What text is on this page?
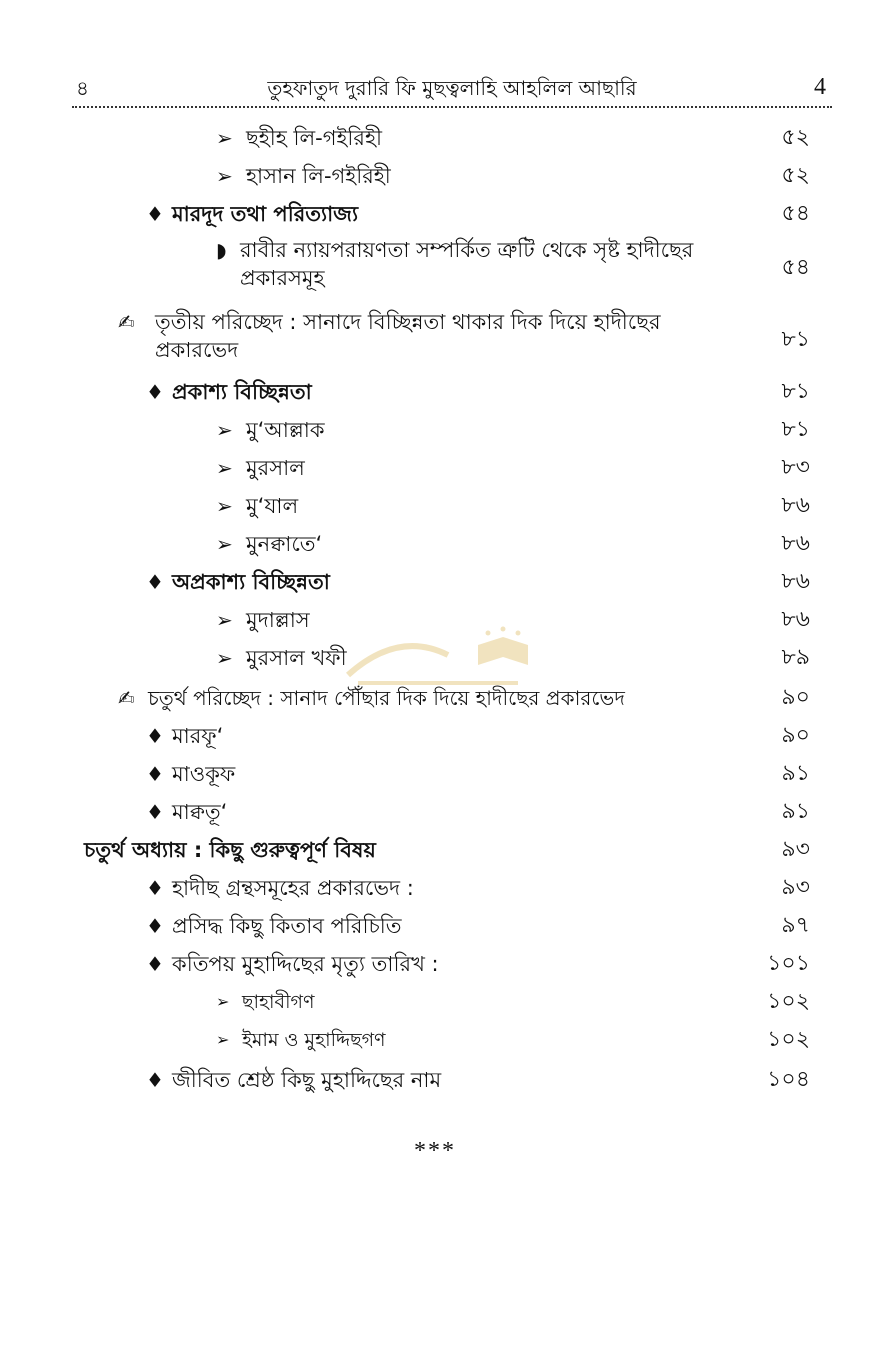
৪	তুহফাতুদ দুরারি ফি মুছত্বলাহি আহলিল আছারি	4
➢ ছহীহ লি-গইরিহী	৫২
➢ হাসান লি-গইরিহী	৫২
♦ মারদূদ তথা পরিত্যাজ্য	৫৪
◗ রাবীর ন্যায়পরায়ণতা সম্পর্কিত ত্রুটি থেকে সৃষ্ট হাদীছের প্রকারসমূহ	৫৪
✍ তৃতীয় পরিচ্ছেদ : সানাদে বিচ্ছিন্নতা থাকার দিক দিয়ে হাদীছের প্রকারভেদ	৮১
♦ প্রকাশ্য বিচ্ছিন্নতা	৮১
➢ মু‘আল্লাক	৮১
➢ মুরসাল	৮৩
➢ মু‘যাল	৮৬
➢ মুনক্বাতে‘	৮৬
♦ অপ্রকাশ্য বিচ্ছিন্নতা	৮৬
➢ মুদাল্লাস	৮৬
➢ মুরসাল খফী	৮৯
✍ চতুর্থ পরিচ্ছেদ : সানাদ পৌঁছার দিক দিয়ে হাদীছের প্রকারভেদ	৯০
♦ মারফূ‘	৯০
♦ মাওকূফ	৯১
♦ মাক্বতূ‘	৯১
চতুর্থ অধ্যায় : কিছু গুরুত্বপূর্ণ বিষয়	৯৩
♦ হাদীছ গ্রন্থসমূহের প্রকারভেদ :	৯৩
♦ প্রসিদ্ধ কিছু কিতাব পরিচিতি	৯৭
♦ কতিপয় মুহাদ্দিছের মৃত্যু তারিখ :	১০১
➢ ছাহাবীগণ	১০২
➢ ইমাম ও মুহাদ্দিছগণ	১০২
♦ জীবিত শ্রেষ্ঠ কিছু মুহাদ্দিছের নাম	১০৪
***
